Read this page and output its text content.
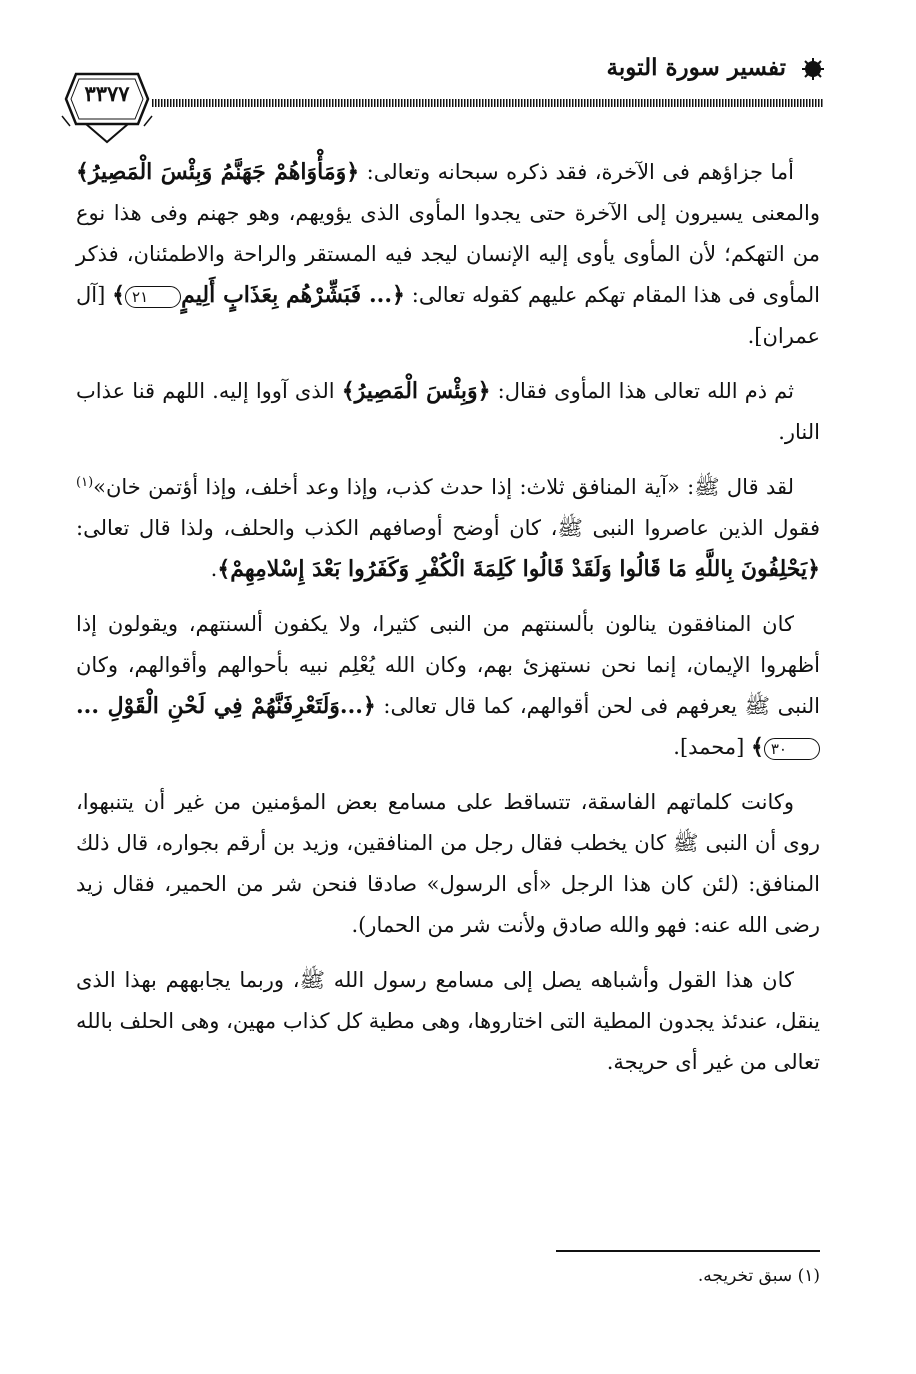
تفسير سورة التوبة
٣٣٧٧

أما جزاؤهم فى الآخرة، فقد ذكره سبحانه وتعالى: ﴿وَمَأْوَاهُمْ جَهَنَّمُ وَبِئْسَ الْمَصِيرُ﴾ والمعنى يسيرون إلى الآخرة حتى يجدوا المأوى الذى يؤويهم، وهو جهنم وفى هذا نوع من التهكم؛ لأن المأوى يأوى إليه الإنسان ليجد فيه المستقر والراحة والاطمئنان، فذكر المأوى فى هذا المقام تهكم عليهم كقوله تعالى: ﴿... فَبَشِّرْهُم بِعَذَابٍ أَلِيمٍ٢١﴾ [آل عمران].

ثم ذم الله تعالى هذا المأوى فقال: ﴿وَبِئْسَ الْمَصِيرُ﴾ الذى آووا إليه. اللهم قنا عذاب النار.

لقد قال ﷺ: «آية المنافق ثلاث: إذا حدث كذب، وإذا وعد أخلف، وإذا أؤتمن خان»$^{(١)}$ فقول الذين عاصروا النبى ﷺ، كان أوضح أوصافهم الكذب والحلف، ولذا قال تعالى: ﴿يَحْلِفُونَ بِاللَّهِ مَا قَالُوا وَلَقَدْ قَالُوا كَلِمَةَ الْكُفْرِ وَكَفَرُوا بَعْدَ إِسْلامِهِمْ﴾.

كان المنافقون ينالون بألسنتهم من النبى كثيرا، ولا يكفون ألسنتهم، ويقولون إذا أظهروا الإيمان، إنما نحن نستهزئ بهم، وكان الله يُعْلِم نبيه بأحوالهم وأقوالهم، وكان النبى ﷺ يعرفهم فى لحن أقوالهم، كما قال تعالى: ﴿...وَلَتَعْرِفَنَّهُمْ فِي لَحْنِ الْقَوْلِ ...٣٠﴾ [محمد].

وكانت كلماتهم الفاسقة، تتساقط على مسامع بعض المؤمنين من غير أن يتنبهوا، روى أن النبى ﷺ كان يخطب فقال رجل من المنافقين، وزيد بن أرقم بجواره، قال ذلك المنافق: (لئن كان هذا الرجل «أى الرسول» صادقا فنحن شر من الحمير، فقال زيد رضى الله عنه: فهو والله صادق ولأنت شر من الحمار).

كان هذا القول وأشباهه يصل إلى مسامع رسول الله ﷺ، وربما يجابههم بهذا الذى ينقل، عندئذ يجدون المطية التى اختاروها، وهى مطية كل كذاب مهين، وهى الحلف بالله تعالى من غير أى حريجة.

(١) سبق تخريجه.
